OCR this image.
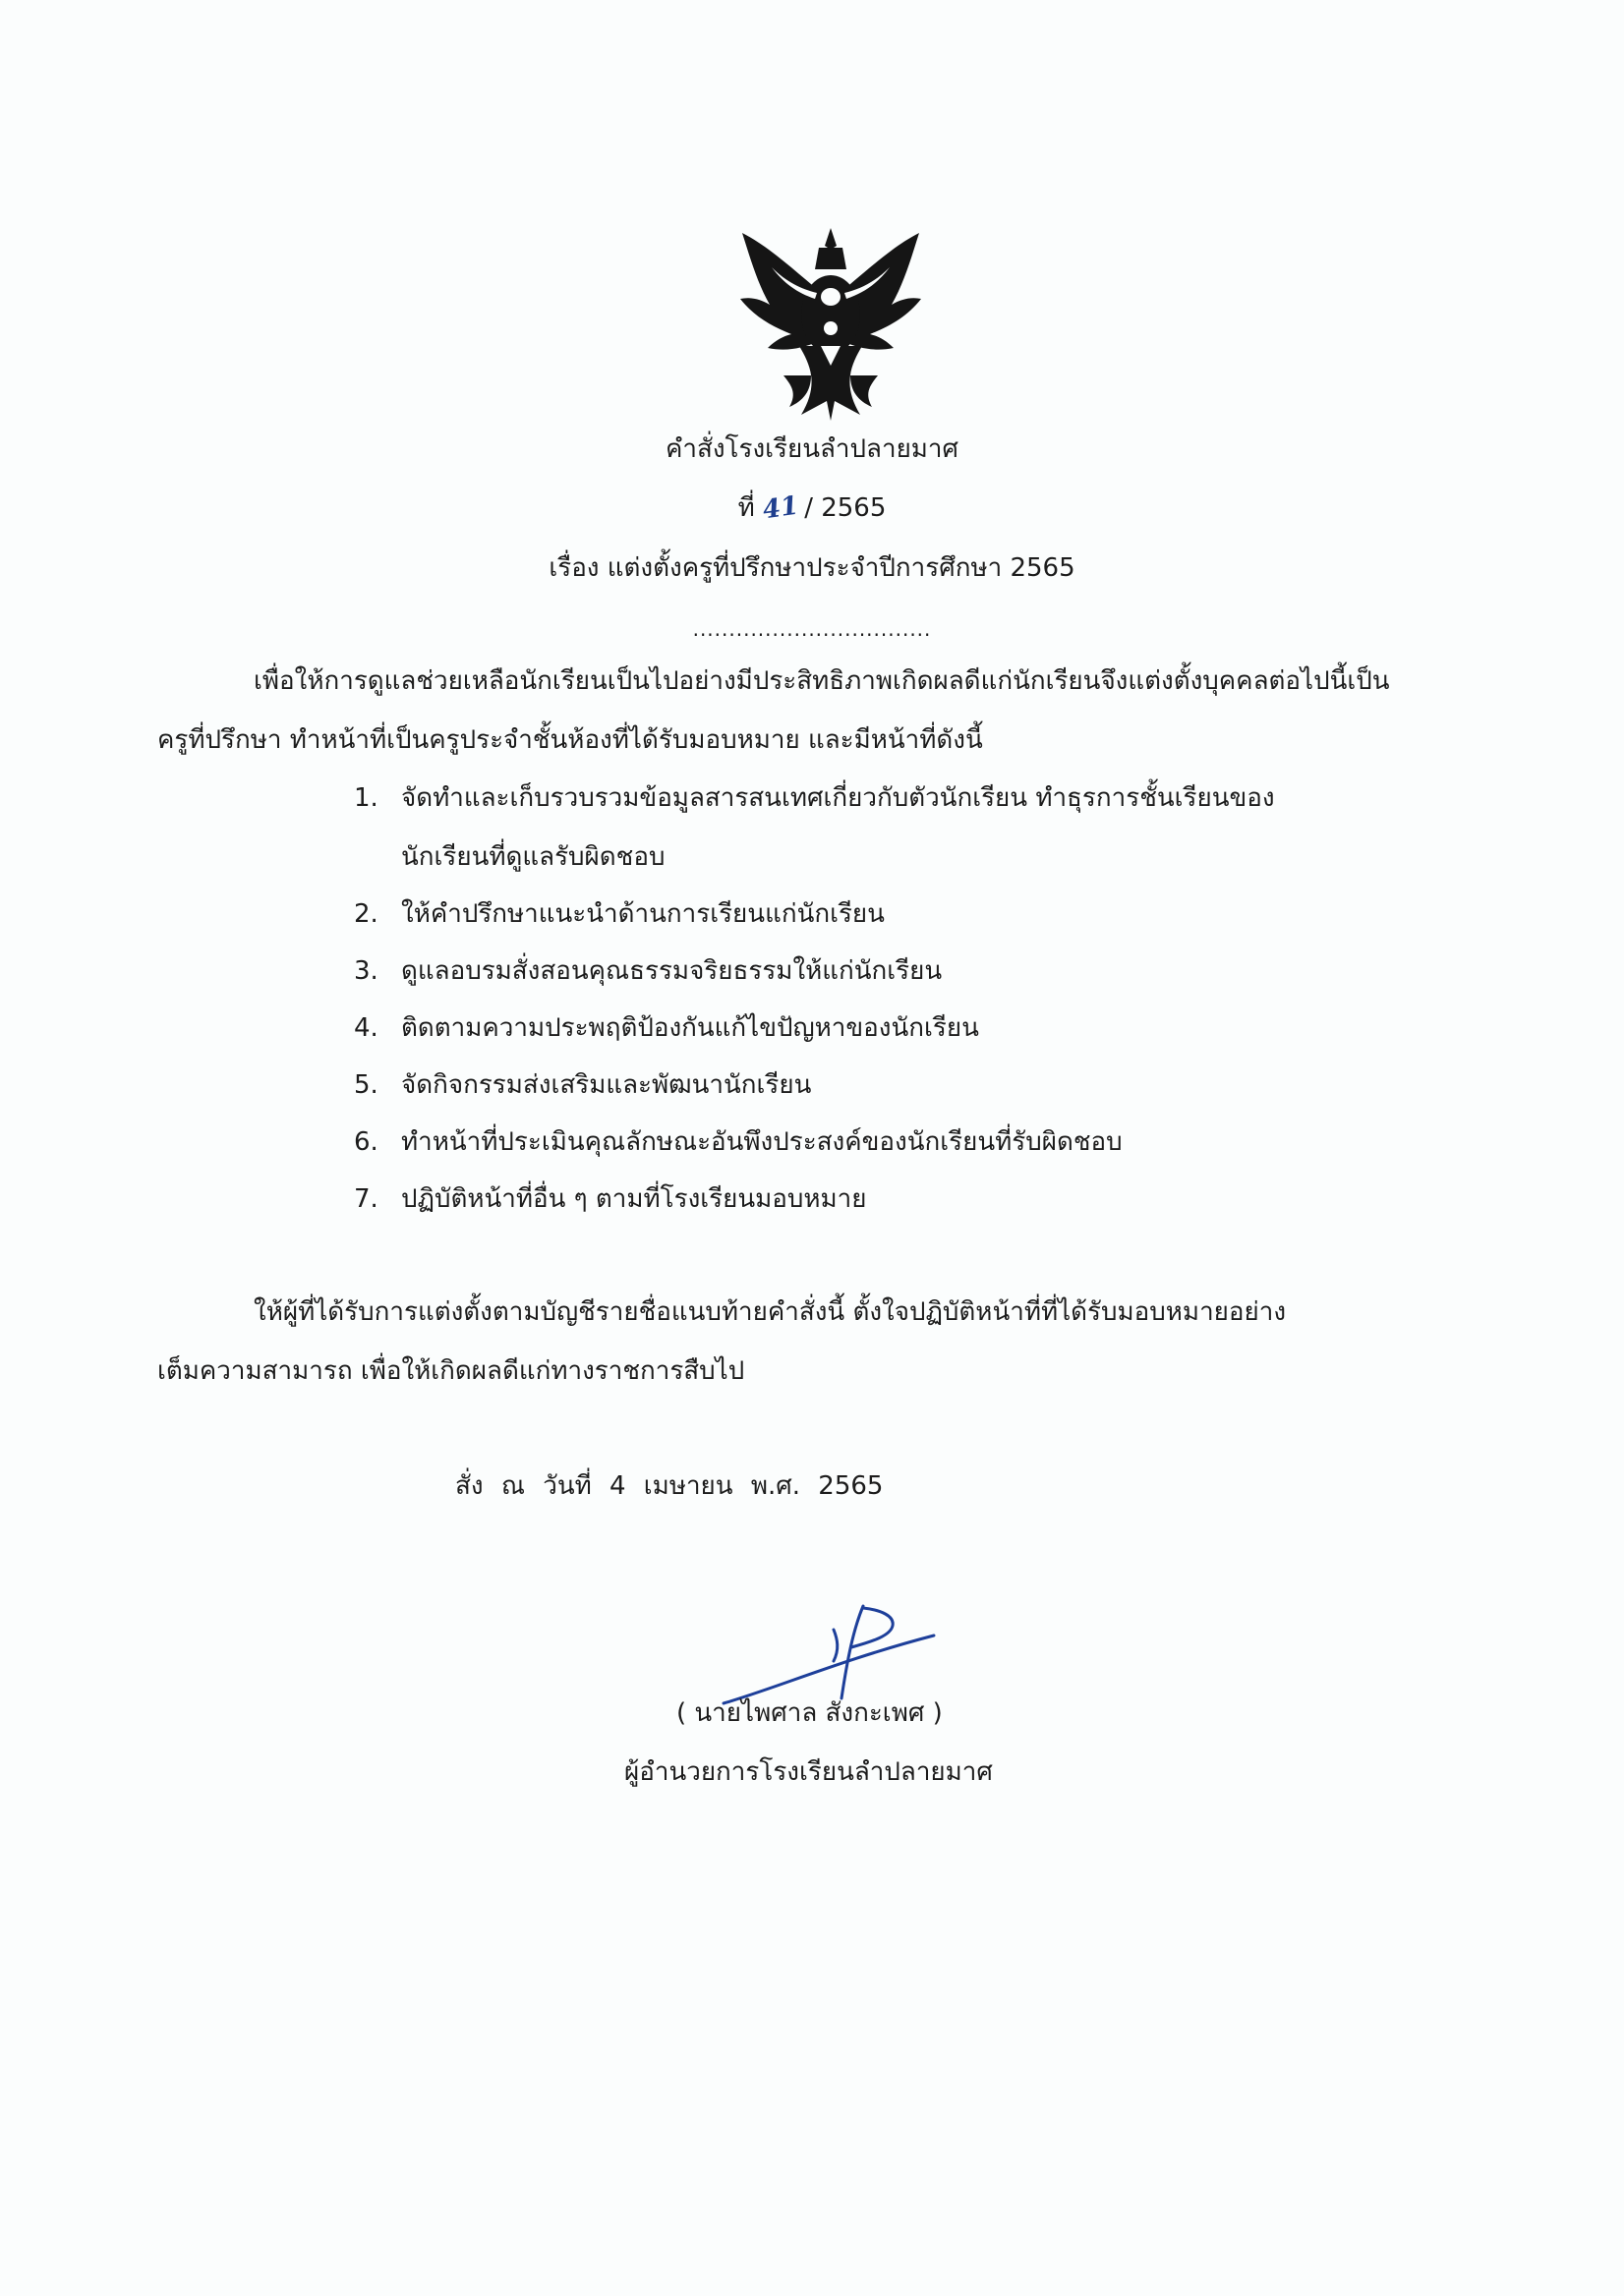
คำสั่งโรงเรียนลำปลายมาศ
ที่ 41 / 2565
เรื่อง แต่งตั้งครูที่ปรึกษาประจำปีการศึกษา 2565
.................................
เพื่อให้การดูแลช่วยเหลือนักเรียนเป็นไปอย่างมีประสิทธิภาพเกิดผลดีแก่นักเรียนจึงแต่งตั้งบุคคลต่อไปนี้เป็น
ครูที่ปรึกษา ทำหน้าที่เป็นครูประจำชั้นห้องที่ได้รับมอบหมาย และมีหน้าที่ดังนี้
1. จัดทำและเก็บรวบรวมข้อมูลสารสนเทศเกี่ยวกับตัวนักเรียน ทำธุรการชั้นเรียนของ
นักเรียนที่ดูแลรับผิดชอบ
2. ให้คำปรึกษาแนะนำด้านการเรียนแก่นักเรียน
3. ดูแลอบรมสั่งสอนคุณธรรมจริยธรรมให้แก่นักเรียน
4. ติดตามความประพฤติป้องกันแก้ไขปัญหาของนักเรียน
5. จัดกิจกรรมส่งเสริมและพัฒนานักเรียน
6. ทำหน้าที่ประเมินคุณลักษณะอันพึงประสงค์ของนักเรียนที่รับผิดชอบ
7. ปฏิบัติหน้าที่อื่น ๆ ตามที่โรงเรียนมอบหมาย
ให้ผู้ที่ได้รับการแต่งตั้งตามบัญชีรายชื่อแนบท้ายคำสั่งนี้ ตั้งใจปฏิบัติหน้าที่ที่ได้รับมอบหมายอย่าง
เต็มความสามารถ เพื่อให้เกิดผลดีแก่ทางราชการสืบไป
สั่ง ณ วันที่ 4 เมษายน พ.ศ. 2565
( นายไพศาล สังกะเพศ )
ผู้อำนวยการโรงเรียนลำปลายมาศ
